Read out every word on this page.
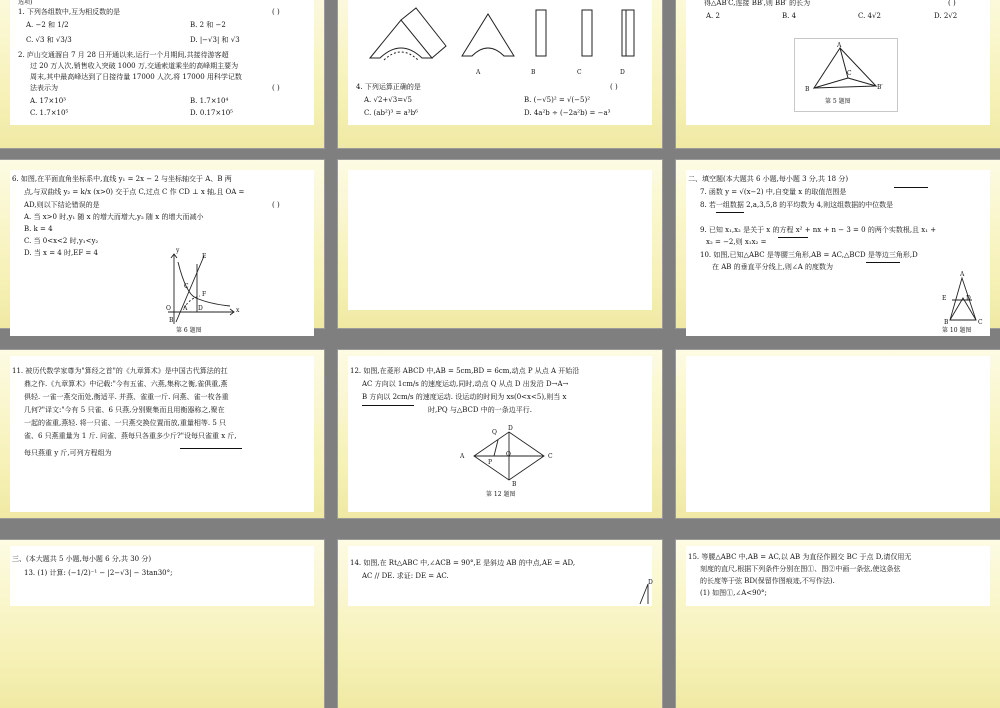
选项)
1. 下列各组数中,互为相反数的是	( )
A. −2 和 1/2	B. 2 和 −2
C. √3 和 √3/3	D. |−√3| 和 √3
2. 庐山交通溜自 7 月 28 日开通以来,运行一个月期间,共接待游客超
过 20 万人次,销售收入突破 1000 万,交通索道乘坐的高峰期主要为
周末,其中最高峰达到了日接待量 17000 人次,将 17000 用科学记数
法表示为	( )
A. 17×10³	B. 1.7×10⁴
C. 1.7×10⁵	D. 0.17×10⁵
A	B	C	D
4. 下列运算正确的是	( )
A. √2+√3=√5	B. (−√5)² = √(−5)²
C. (ab²)³ = a³b⁶	D. 4a²b ÷ (−2a²b) = −a³
得△AB′C,连接 BB′,则 BB′ 的长为	( )
A. 2	B. 4	C. 4√2	D. 2√2
A
C
B	B′
第 5 题图
6. 如图,在平面直角坐标系中,直线 y₁ = 2x − 2 与坐标轴交于 A、B 两
点,与双曲线 y₂ = k/x (x>0) 交于点 C,过点 C 作 CD ⊥ x 轴,且 OA =
AD,则以下结论错误的是	( )
A. 当 x>0 时,y₁ 随 x 的增大而增大,y₂ 随 x 的增大而减小
B. k = 4
C. 当 0<x<2 时,y₁<y₂
D. 当 x = 4 时,EF = 4	y
E
C
F
O A D	x
B
第 6 题图
二、填空题(本大题共 6 小题,每小题 3 分,共 18 分)
7. 函数 y = √(x−2) 中,自变量 x 的取值范围是
8. 若一组数据 2,a,3,5,8 的平均数为 4,则这组数据的中位数是
9. 已知 x₁,x₂ 是关于 x 的方程 x² + nx + n − 3 = 0 的两个实数根,且 x₁ +
x₂ = −2,则 x₁x₂ =
10. 如图,已知△ABC 是等腰三角形,AB = AC,△BCD 是等边三角形,D
在 AB 的垂直平分线上,则∠A 的度数为
A
E	D
B	C
第 10 题图
11. 被历代数学家尊为"算经之首"的《九章算术》是中国古代算法的扛
鼎之作.《九章算术》中记载:"今有五雀、六燕,集称之衡,雀俱重,燕
俱轻. 一雀一燕交而处,衡适平. 并燕、雀重一斤. 问燕、雀一枚各重
几何?"译文:"今有 5 只雀、6 只燕,分别聚集而且用衡器称之,聚在
一起的雀重,燕轻. 将一只雀、一只燕交换位置而放,重量相等. 5 只
雀、6 只燕重量为 1 斤. 问雀、燕每只各重多少斤?"设每只雀重 x 斤,
每只燕重 y 斤,可列方程组为
12. 如图,在菱形 ABCD 中,AB = 5cm,BD = 6cm,动点 P 从点 A 开始沿
AC 方向以 1cm/s 的速度运动,同时,动点 Q 从点 D 出发沿 D→A→
B 方向以 2cm/s 的速度运动. 设运动的时间为 xs(0<x<5),则当 x
时,PQ 与△BCD 中的一条边平行.
Q
D
A
P
O	C
B
第 12 题图
三、(本大题共 5 小题,每小题 6 分,共 30 分)
13. (1) 计算: (−1/2)⁻¹ − |2−√3| − 3tan30°;
14. 如图,在 Rt△ABC 中,∠ACB = 90°,E 是斜边 AB 的中点,AE = AD,
AC // DE. 求证: DE = AC.
D
15. 等腰△ABC 中,AB = AC,以 AB 为直径作圆交 BC 于点 D,请仅用无
刻度的直尺,根据下列条件分别在图①、图②中画一条弦,使这条弦
的长度等于弦 BD(保留作图痕迹,不写作法).
(1) 如图①,∠A<90°;
